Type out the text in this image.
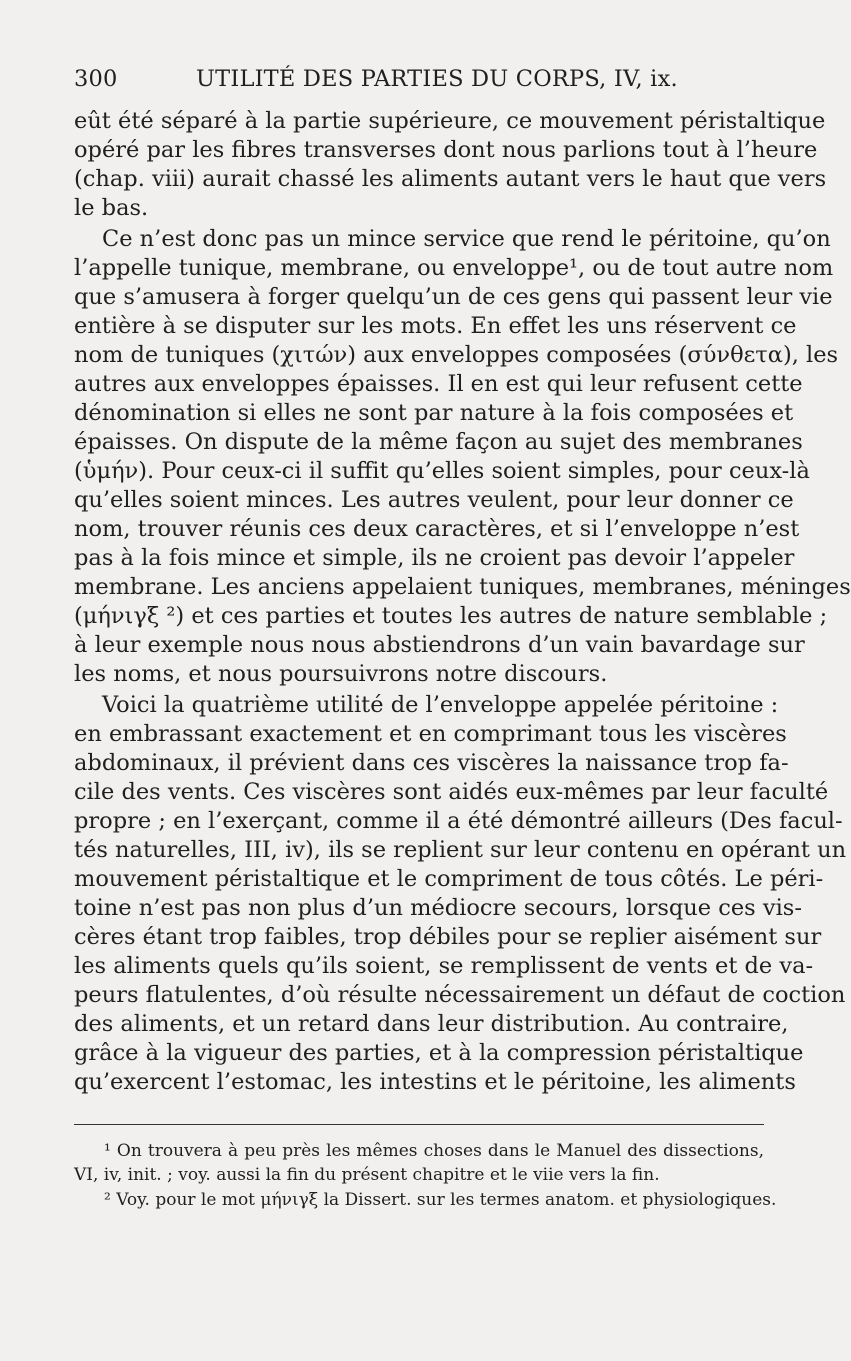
300	UTILITÉ DES PARTIES DU CORPS, IV, ix.
eût été séparé à la partie supérieure, ce mouvement péristaltique
opéré par les fibres transverses dont nous parlions tout à l’heure
(chap. viii) aurait chassé les aliments autant vers le haut que vers
le bas.
Ce n’est donc pas un mince service que rend le péritoine, qu’on
l’appelle tunique, membrane, ou enveloppe¹, ou de tout autre nom
que s’amusera à forger quelqu’un de ces gens qui passent leur vie
entière à se disputer sur les mots. En effet les uns réservent ce
nom de tuniques (χιτών) aux enveloppes composées (σύνθετα), les
autres aux enveloppes épaisses. Il en est qui leur refusent cette
dénomination si elles ne sont par nature à la fois composées et
épaisses. On dispute de la même façon au sujet des membranes
(ὑμήν). Pour ceux-ci il suffit qu’elles soient simples, pour ceux-là
qu’elles soient minces. Les autres veulent, pour leur donner ce
nom, trouver réunis ces deux caractères, et si l’enveloppe n’est
pas à la fois mince et simple, ils ne croient pas devoir l’appeler
membrane. Les anciens appelaient tuniques, membranes, méninges
(μήνιγξ ²) et ces parties et toutes les autres de nature semblable ;
à leur exemple nous nous abstiendrons d’un vain bavardage sur
les noms, et nous poursuivrons notre discours.
Voici la quatrième utilité de l’enveloppe appelée péritoine :
en embrassant exactement et en comprimant tous les viscères
abdominaux, il prévient dans ces viscères la naissance trop fa-
cile des vents. Ces viscères sont aidés eux-mêmes par leur faculté
propre ; en l’exerçant, comme il a été démontré ailleurs (Des facul-
tés naturelles, III, iv), ils se replient sur leur contenu en opérant un
mouvement péristaltique et le compriment de tous côtés. Le péri-
toine n’est pas non plus d’un médiocre secours, lorsque ces vis-
cères étant trop faibles, trop débiles pour se replier aisément sur
les aliments quels qu’ils soient, se remplissent de vents et de va-
peurs flatulentes, d’où résulte nécessairement un défaut de coction
des aliments, et un retard dans leur distribution. Au contraire,
grâce à la vigueur des parties, et à la compression péristaltique
qu’exercent l’estomac, les intestins et le péritoine, les aliments
¹ On trouvera à peu près les mêmes choses dans le Manuel des dissections,
VI, iv, init. ; voy. aussi la fin du présent chapitre et le viie vers la fin.
² Voy. pour le mot μήνιγξ la Dissert. sur les termes anatom. et physiologiques.
